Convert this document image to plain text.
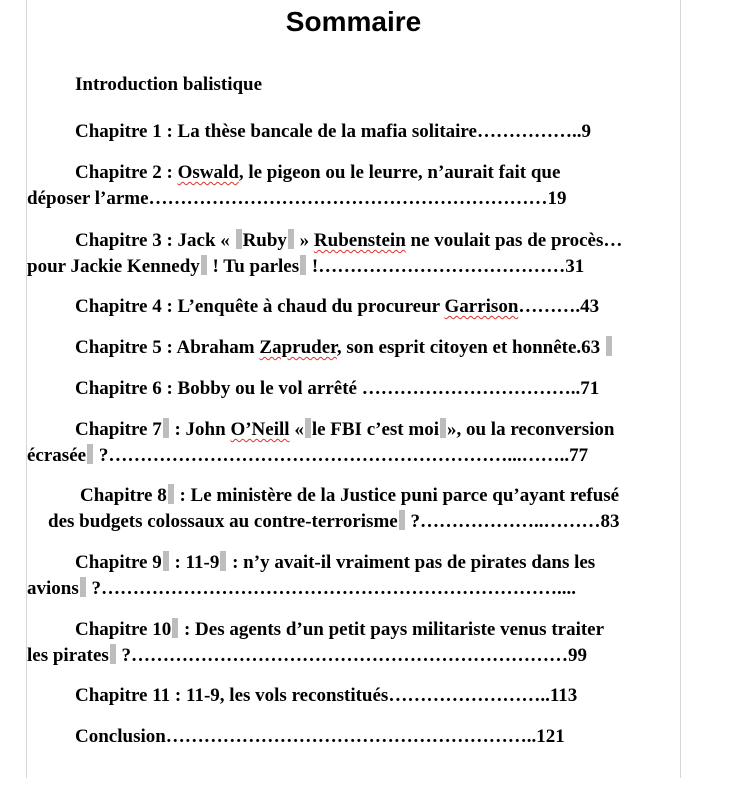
Sommaire
Introduction balistique
Chapitre 1 : La thèse bancale de la mafia solitaire……………..9
Chapitre 2 : Oswald, le pigeon ou le leurre, n’aurait fait que
déposer l’arme………………………………………………………19
Chapitre 3 : Jack « Ruby » Rubenstein ne voulait pas de procès…
pour Jackie Kennedy ! Tu parles !…………………………………31
Chapitre 4 : L’enquête à chaud du procureur Garrison……….43
Chapitre 5 : Abraham Zapruder, son esprit citoyen et honnête.63
Chapitre 6 : Bobby ou le vol arrêté ……………………………..71
Chapitre 7 : John O’Neill « le FBI c’est moi », ou la reconversion
écrasée ?………………………………………………………...……..77
Chapitre 8 : Le ministère de la Justice puni parce qu’ayant refusé
des budgets colossaux au contre-terrorisme ?………………..………83
Chapitre 9 : 11-9 : n’y avait-il vraiment pas de pirates dans les
avions ?………………………………………………………………....
Chapitre 10 : Des agents d’un petit pays militariste venus traiter
les pirates ?……………………………………………………………99
Chapitre 11 : 11-9, les vols reconstitués……………………..113
Conclusion…………………………………………………..121
